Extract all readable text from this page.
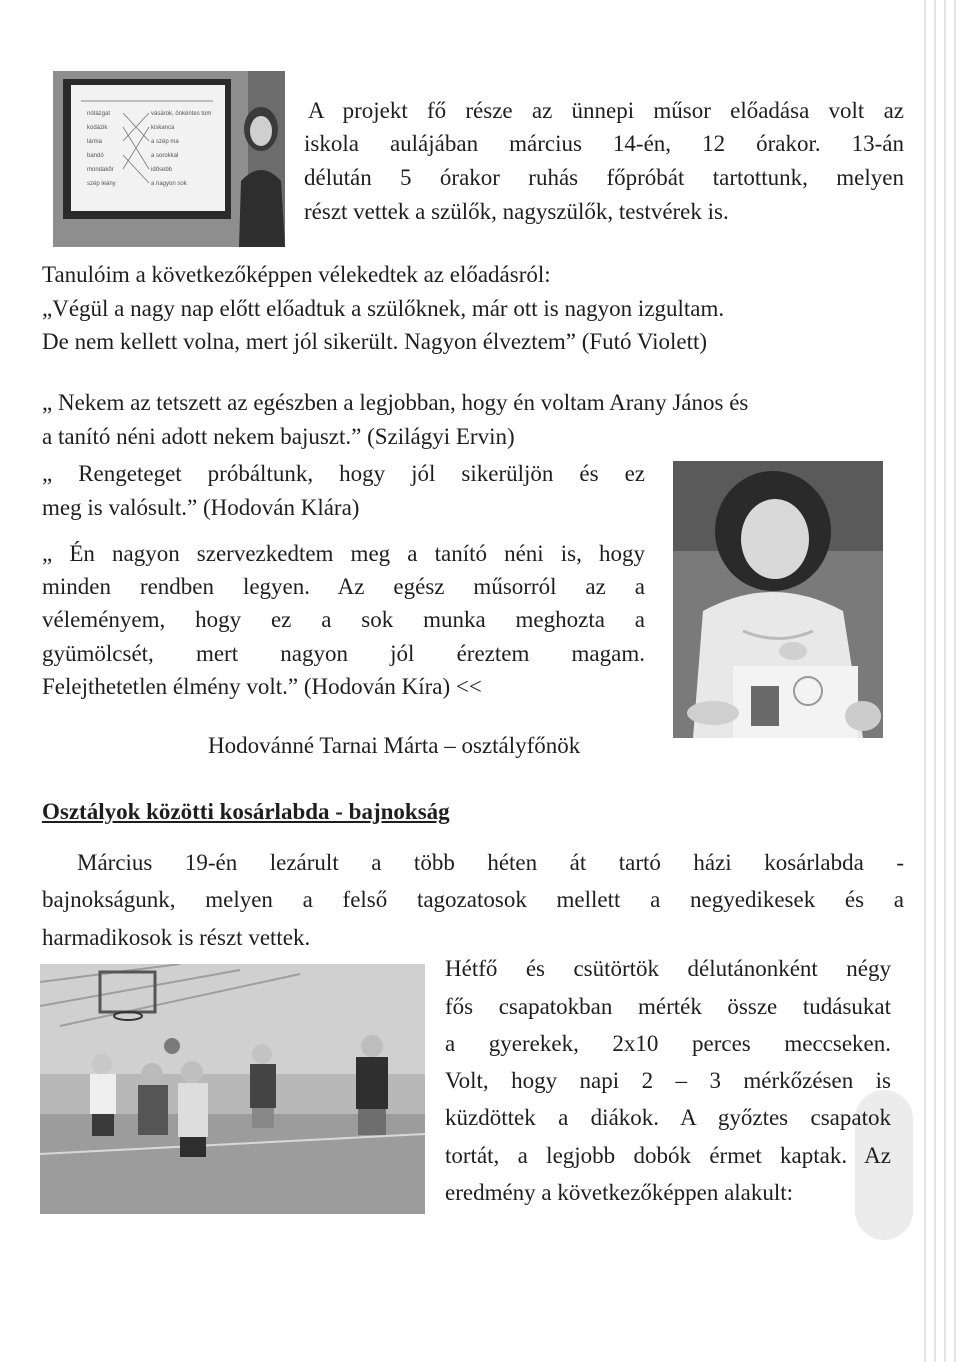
nótázgat
kodázik
lárma
bandó
mondakőr
szép leány
vásárok, önkéntes tom
kiskanca
a szép ma
a sorokkal
idősebb
a nagyon sok
A projekt fő része az ünnepi műsor előadása volt az
iskola aulájában március 14-én, 12 órakor. 13-án
délután 5 órakor ruhás főpróbát tartottunk, melyen
részt vettek a szülők, nagyszülők, testvérek is.
Tanulóim a következőképpen vélekedtek az előadásról:
„Végül a nagy nap előtt előadtuk a szülőknek, már ott is nagyon izgultam.
De nem kellett volna, mert jól sikerült. Nagyon élveztem” (Futó Violett)
„ Nekem az tetszett az egészben a legjobban, hogy én voltam Arany János és
a tanító néni adott nekem bajuszt.” (Szilágyi Ervin)
„ Rengeteget próbáltunk, hogy jól sikerüljön és ez
meg is valósult.” (Hodován Klára)
„ Én nagyon szervezkedtem meg a tanító néni is, hogy
minden rendben legyen. Az egész műsorról az a
véleményem, hogy ez a sok munka meghozta a
gyümölcsét, mert nagyon jól éreztem magam.
Felejthetetlen élmény volt.” (Hodován Kíra) <<
Hodovánné Tarnai Márta – osztályfőnök
Osztályok közötti kosárlabda - bajnokság
Március 19-én lezárult a több héten át tartó házi kosárlabda -
bajnokságunk, melyen a felső tagozatosok mellett a negyedikesek és a
harmadikosok is részt vettek.
Hétfő és csütörtök délutánonként négy
fős csapatokban mérték össze tudásukat
a gyerekek, 2x10 perces meccseken.
Volt, hogy napi 2 – 3 mérkőzésen is
küzdöttek a diákok. A győztes csapatok
tortát, a legjobb dobók érmet kaptak. Az
eredmény a következőképpen alakult:
